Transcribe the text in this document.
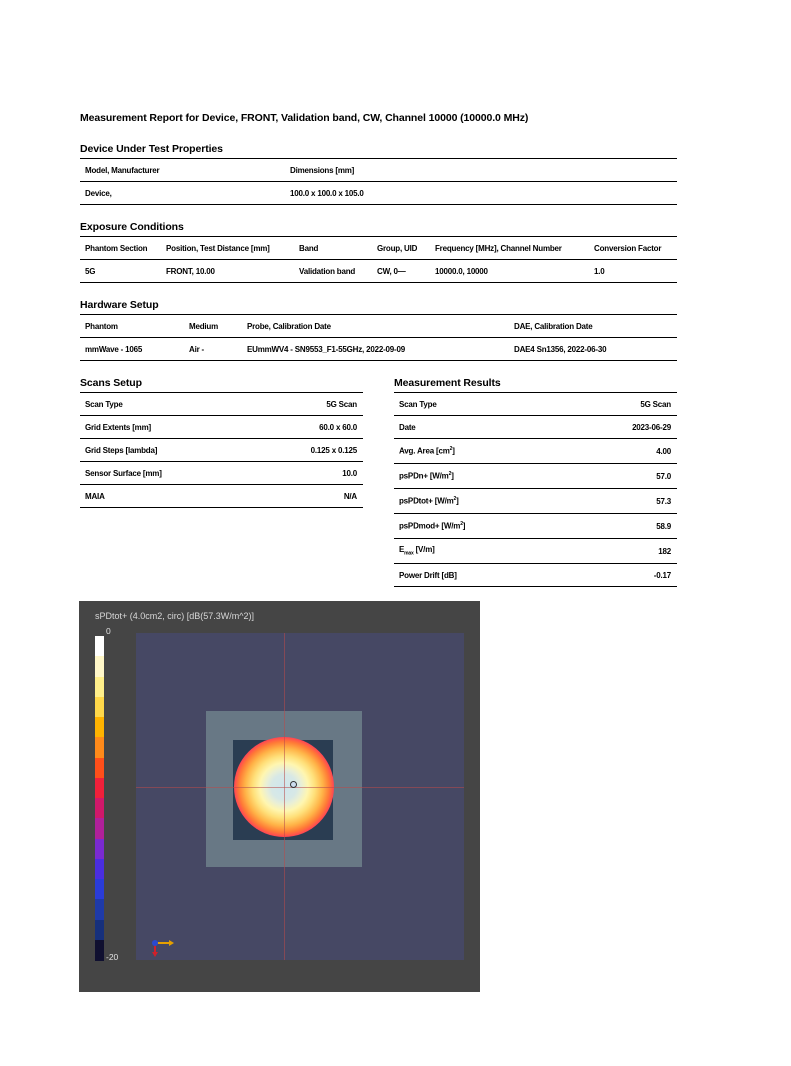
Measurement Report for Device, FRONT, Validation band, CW, Channel 10000 (10000.0 MHz)
Device Under Test Properties
Model, Manufacturer	Dimensions [mm]
Device,	100.0 x 100.0 x 105.0
Exposure Conditions
Phantom Section	Position, Test Distance [mm]	Band	Group, UID	Frequency [MHz], Channel Number	Conversion Factor
5G	FRONT, 10.00	Validation band	CW, 0—	10000.0, 10000	1.0
Hardware Setup
Phantom	Medium	Probe, Calibration Date	DAE, Calibration Date
mmWave - 1065	Air -	EUmmWV4 - SN9553_F1-55GHz, 2022-09-09	DAE4 Sn1356, 2022-06-30
Scans Setup
Scan Type	5G Scan
Grid Extents [mm]	60.0 x 60.0
Grid Steps [lambda]	0.125 x 0.125
Sensor Surface [mm]	10.0
MAIA	N/A
Measurement Results
Scan Type	5G Scan
Date	2023-06-29
Avg. Area $[cm^2]$	4.00
psPDn+ $[W/m^2]$	57.0
psPDtot+ $[W/m^2]$	57.3
psPDmod+ $[W/m^2]$	58.9
$E_{max}$ [V/m]	182
Power Drift [dB]	-0.17
sPDtot+ (4.0cm2, circ) [dB(57.3W/m^2)]
0
-20
